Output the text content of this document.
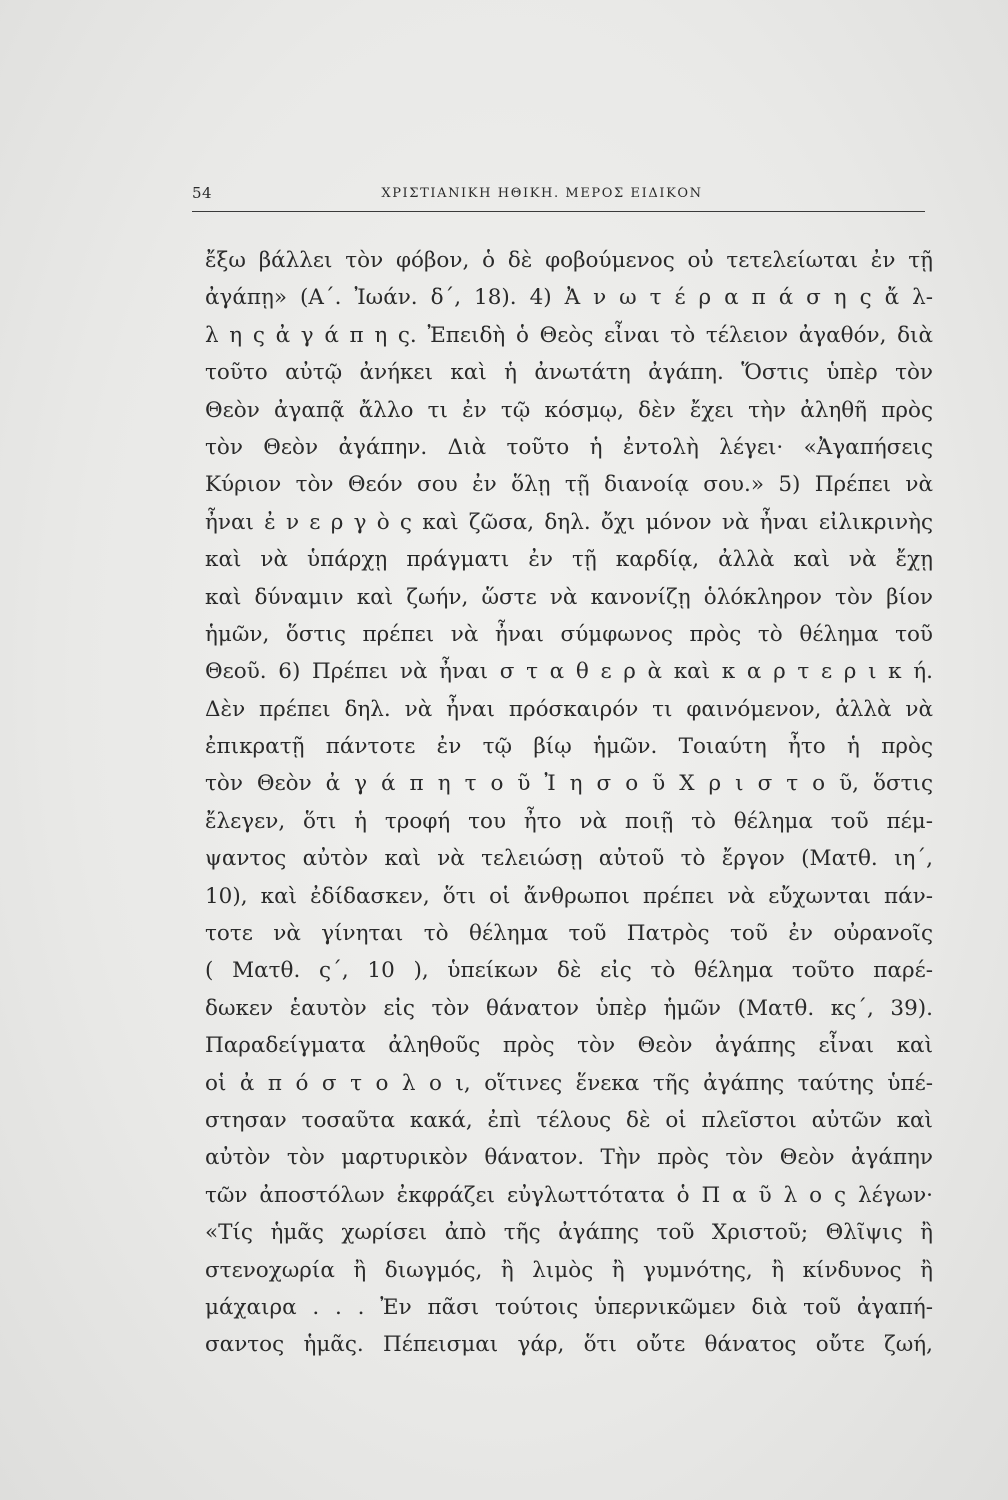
54	ΧΡΙΣΤΙΑΝΙΚΗ ΗΘΙΚΗ. ΜΕΡΟΣ ΕΙΔΙΚΟΝ
ἔξω βάλλει τὸν φόβον, ὁ δὲ φοβούμενος οὐ τετελείωται ἐν τῇ
ἀγάπῃ» (Α΄. Ἰωάν. δ΄, 18). 4) Ἀ ν ω τ έ ρ α π ά σ η ς ἄ λ-
λ η ς ἀ γ ά π η ς. Ἐπειδὴ ὁ Θεὸς εἶναι τὸ τέλειον ἀγαθόν, διὰ
τοῦτο αὐτῷ ἀνήκει καὶ ἡ ἀνωτάτη ἀγάπη. Ὅστις ὑπὲρ τὸν
Θεὸν ἀγαπᾷ ἄλλο τι ἐν τῷ κόσμῳ, δὲν ἔχει τὴν ἀληθῆ πρὸς
τὸν Θεὸν ἀγάπην. Διὰ τοῦτο ἡ ἐντολὴ λέγει· «Ἀγαπήσεις
Κύριον τὸν Θεόν σου ἐν ὅλῃ τῇ διανοίᾳ σου.» 5) Πρέπει νὰ
ἦναι ἐ ν ε ρ γ ὸ ς καὶ ζῶσα, δηλ. ὄχι μόνον νὰ ἦναι εἰλικρινὴς
καὶ νὰ ὑπάρχῃ πράγματι ἐν τῇ καρδίᾳ, ἀλλὰ καὶ νὰ ἔχῃ
καὶ δύναμιν καὶ ζωήν, ὥστε νὰ κανονίζῃ ὁλόκληρον τὸν βίον
ἡμῶν, ὅστις πρέπει νὰ ἦναι σύμφωνος πρὸς τὸ θέλημα τοῦ
Θεοῦ. 6) Πρέπει νὰ ἦναι σ τ α θ ε ρ ὰ καὶ κ α ρ τ ε ρ ι κ ή.
Δὲν πρέπει δηλ. νὰ ἦναι πρόσκαιρόν τι φαινόμενον, ἀλλὰ νὰ
ἐπικρατῇ πάντοτε ἐν τῷ βίῳ ἡμῶν. Τοιαύτη ἦτο ἡ πρὸς
τὸν Θεὸν ἀ γ ά π η τ ο ῦ Ἰ η σ ο ῦ Χ ρ ι σ τ ο ῦ, ὅστις
ἔλεγεν, ὅτι ἡ τροφή του ἦτο νὰ ποιῇ τὸ θέλημα τοῦ πέμ-
ψαντος αὐτὸν καὶ νὰ τελειώσῃ αὐτοῦ τὸ ἔργον (Ματθ. ιη΄,
10), καὶ ἐδίδασκεν, ὅτι οἱ ἄνθρωποι πρέπει νὰ εὔχωνται πάν-
τοτε νὰ γίνηται τὸ θέλημα τοῦ Πατρὸς τοῦ ἐν οὐρανοῖς
( Ματθ. ς΄, 10 ), ὑπείκων δὲ εἰς τὸ θέλημα τοῦτο παρέ-
δωκεν ἑαυτὸν εἰς τὸν θάνατον ὑπὲρ ἡμῶν (Ματθ. κς΄, 39).
Παραδείγματα ἀληθοῦς πρὸς τὸν Θεὸν ἀγάπης εἶναι καὶ
οἱ ἀ π ό σ τ ο λ ο ι, οἵτινες ἕνεκα τῆς ἀγάπης ταύτης ὑπέ-
στησαν τοσαῦτα κακά, ἐπὶ τέλους δὲ οἱ πλεῖστοι αὐτῶν καὶ
αὐτὸν τὸν μαρτυρικὸν θάνατον. Τὴν πρὸς τὸν Θεὸν ἀγάπην
τῶν ἀποστόλων ἐκφράζει εὐγλωττότατα ὁ Π α ῦ λ ο ς λέγων·
«Τίς ἡμᾶς χωρίσει ἀπὸ τῆς ἀγάπης τοῦ Χριστοῦ; Θλῖψις ἢ
στενοχωρία ἢ διωγμός, ἢ λιμὸς ἢ γυμνότης, ἢ κίνδυνος ἢ
μάχαιρα . . . Ἐν πᾶσι τούτοις ὑπερνικῶμεν διὰ τοῦ ἀγαπή-
σαντος ἡμᾶς. Πέπεισμαι γάρ, ὅτι οὔτε θάνατος οὔτε ζωή,
